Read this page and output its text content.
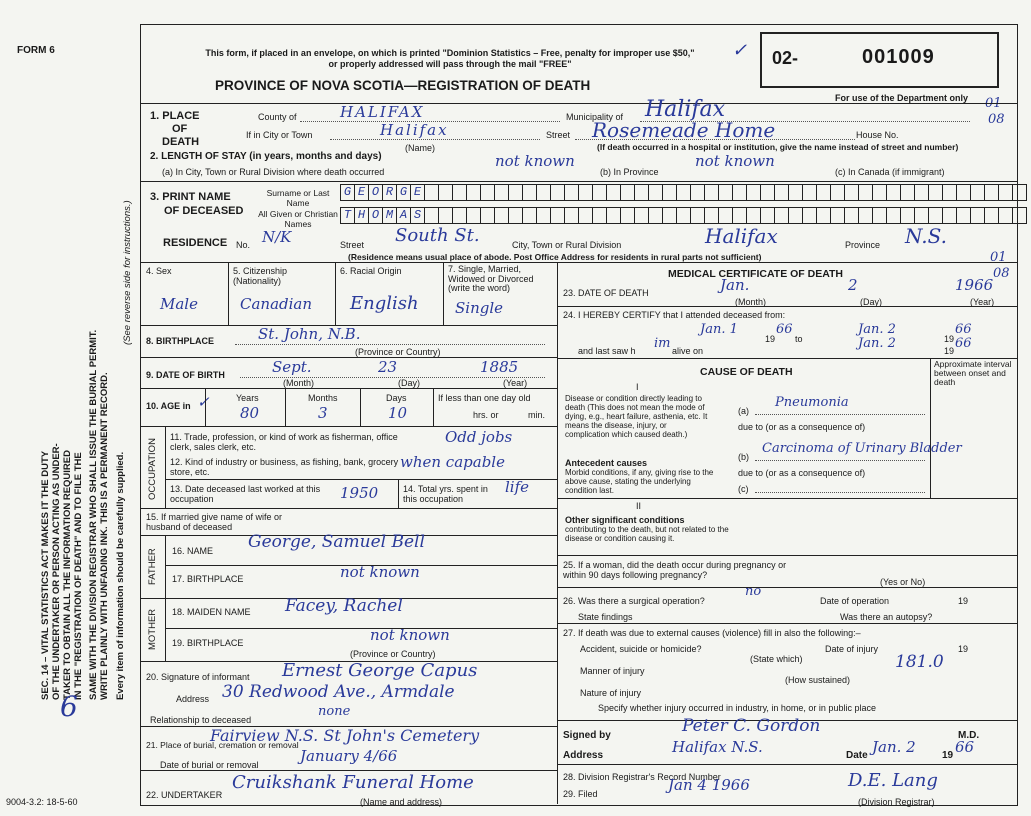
FORM 6
SEC. 14 – VITAL STATISTICS ACT MAKES IT THE DUTY OF THE UNDERTAKER OR PERSON ACTING AS UNDER- TAKER TO OBTAIN ALL THE INFORMATION REQUIRED IN THE "REGISTRATION OF DEATH" AND TO FILE THE SAME WITH THE DIVISION REGISTRAR WHO SHALL ISSUE THE BURIAL PERMIT. WRITE PLAINLY WITH UNFADING INK. THIS IS A PERMANENT RECORD. Every item of information should be carefully supplied.
(See reverse side for instructions.)
6
9004-3.2: 18-5-60
This form, if placed in an envelope, on which is printed "Dominion Statistics – Free, penalty for improper use $50," or properly addressed will pass through the mail "FREE"
PROVINCE OF NOVA SCOTIA—REGISTRATION OF DEATH
✓ 02-	001009
For use of the Department only 01
08
01
08
1. PLACE
OF
DEATH
County of	HALIFAX	Municipality of Halifax
If in City or Town	Halifax
(Name)
Street Rosemeade Home	House No.
(If death occurred in a hospital or institution, give the name instead of street and number)
2. LENGTH OF STAY (in years, months and days)
(a) In City, Town or Rural Division where death occurred
not known
(b) In Province
not known
(c) In Canada (if immigrant)
3. PRINT NAME
OF DECEASED
Surname or Last Name
G E O R G E
All Given or Christian Names
T H O M A S
RESIDENCE No. N/K	Street South St.	City, Town or Rural Division	Halifax	Province N.S.
(Residence means usual place of abode. Post Office Address for residents in rural parts not sufficient)
4. Sex
Male
5. Citizenship (Nationality)
Canadian
6. Racial Origin
English
7. Single, Married, Widowed or Divorced (write the word)
Single
8. BIRTHPLACE	St. John, N.B.
(Province or Country)
9. DATE OF BIRTH	Sept.	23	1885
(Month)	(Day)	(Year)
10. AGE in ✓	Years	Months	Days
80	3	10
If less than one day old
hrs. or	min.
OCCUPATION
11. Trade, profession, or kind of work as fisherman, office clerk, sales clerk, etc.
Odd jobs
12. Kind of industry or business, as fishing, bank, grocery store, etc.
when capable
13. Date deceased last worked at this occupation	1950	14. Total yrs. spent in this occupation
life
15. If married give name of wife or husband of deceased
FATHER 16. NAME George, Samuel Bell
17. BIRTHPLACE	not known
MOTHER 18. MAIDEN NAME Facey, Rachel
19. BIRTHPLACE	not known
(Province or Country)
20. Signature of informant Ernest George Capus
Address 30 Redwood Ave., Armdale
Relationship to deceased
none
21. Place of burial, cremation or removal
Fairview N.S. St John's Cemetery
Date of burial or removal	January 4/66
22. UNDERTAKER
Cruikshank Funeral Home
(Name and address)
MEDICAL CERTIFICATE OF DEATH
23. DATE OF DEATH	Jan.	2	1966
(Month)	(Day)	(Year)
24. I HEREBY CERTIFY that I attended deceased from:
Jan. 1
19
66
to
Jan. 2
19
66
and last saw h im alive on	Jan. 2	19 66
CAUSE OF DEATH
Approximate interval between onset and death
I
Disease or condition directly leading to death (This does not mean the mode of dying, e.g., heart failure, asthenia, etc. It means the disease, injury, or complication which caused death.)
(a)
Pneumonia
due to (or as a consequence of)
Antecedent causes
Morbid conditions, if any, giving rise to the above cause, stating the underlying condition last.
(b)
Carcinoma of Urinary Bladder
due to (or as a consequence of)
(c)
II
Other significant conditions
contributing to the death, but not related to the disease or condition causing it.
25. If a woman, did the death occur during pregnancy or within 90 days following pregnancy?
(Yes or No)
26. Was there a surgical operation?
no
Date of operation	19
State findings	Was there an autopsy?
27. If death was due to external causes (violence) fill in also the following:–
Accident, suicide or homicide?
(State which)
Date of injury	19
Manner of injury	181.0
(How sustained)
Nature of injury
Specify whether injury occurred in industry, in home, or in public place
Signed by	Peter C. Gordon	M.D.
Address	Halifax N.S.	Date Jan. 2	19 66
28. Division Registrar's Record Number
29. Filed	Jan 4 1966	D.E. Lang
(Division Registrar)
